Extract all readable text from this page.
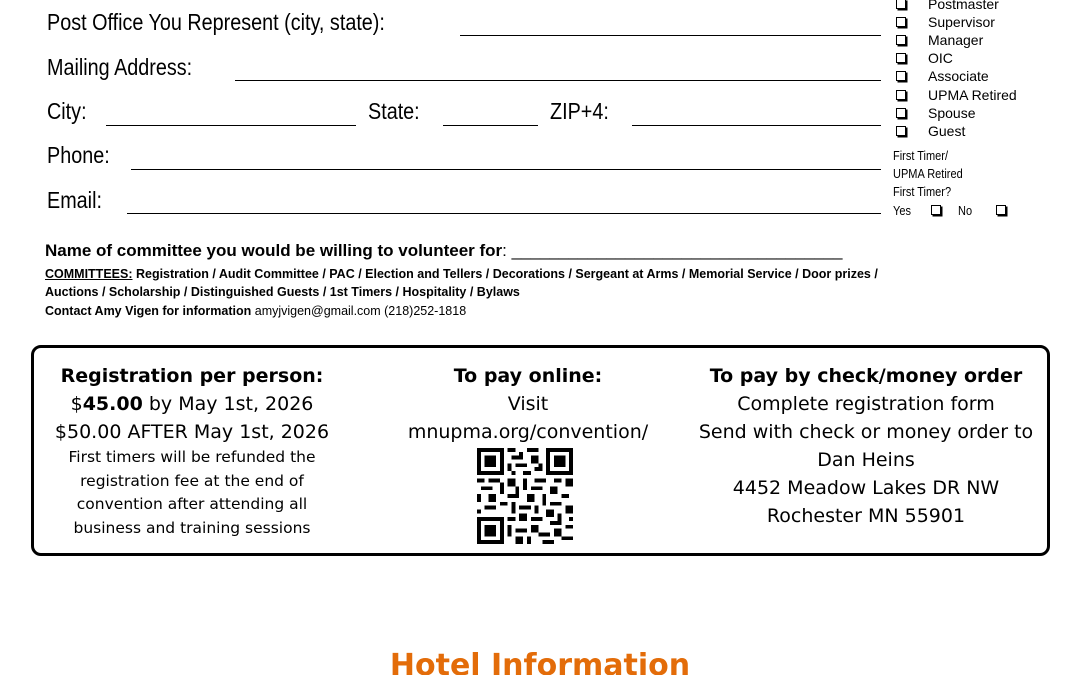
Post Office You Represent (city, state):
Mailing Address:
City:	State:	ZIP+4:
Phone:
Email:
Postmaster
Supervisor
Manager
OIC
Associate
UPMA Retired
Spouse
Guest
First Timer/
UPMA Retired
First Timer?
Yes	No
Name of committee you would be willing to volunteer for: ___________________________________
COMMITTEES: Registration / Audit Committee / PAC / Election and Tellers / Decorations / Sergeant at Arms / Memorial Service / Door prizes /
Auctions / Scholarship / Distinguished Guests / 1st Timers / Hospitality / Bylaws
Contact Amy Vigen for information amyjvigen@gmail.com (218)252-1818
Registration per person:
$45.00 by May 1st, 2026
$50.00 AFTER May 1st, 2026
First timers will be refunded the
registration fee at the end of
convention after attending all
business and training sessions
To pay online:
Visit
mnupma.org/convention/
To pay by check/money order
Complete registration form
Send with check or money order to
Dan Heins
4452 Meadow Lakes DR NW
Rochester MN 55901
Hotel Information
